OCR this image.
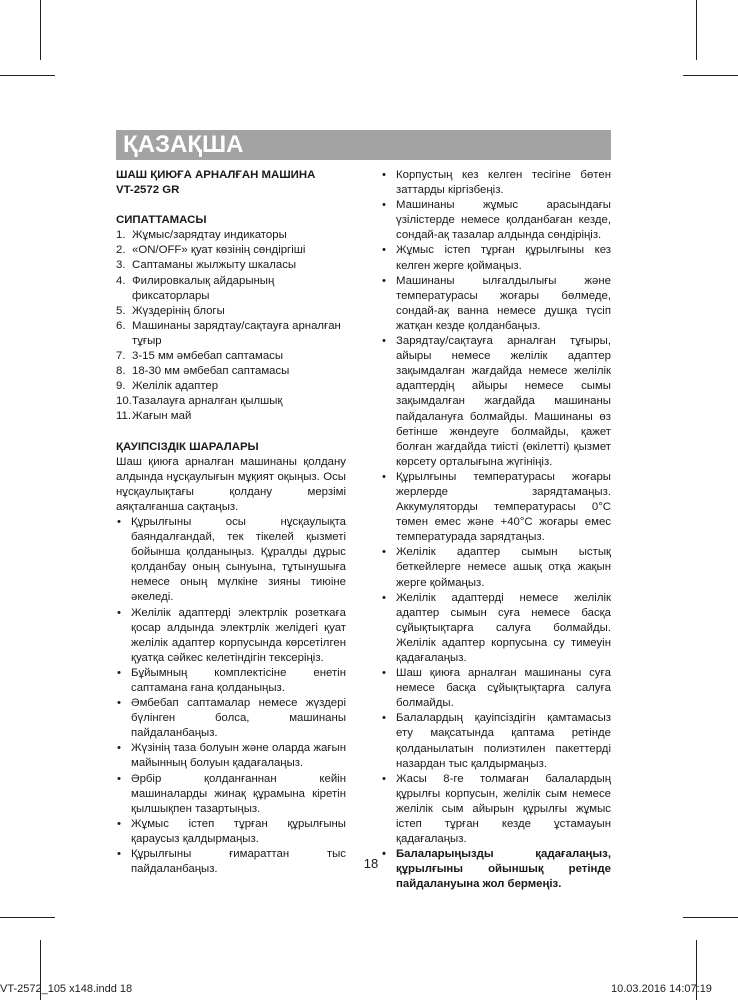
ҚАЗАҚША

ШАШ ҚИЮҒА АРНАЛҒАН МАШИНА

VT-2572 GR

СИПАТТАМАСЫ

1. Жұмыс/зарядтау индикаторы
2. «ON/OFF» қуат көзінің сөндіргіші
3. Саптаманы жылжыту шкаласы
4. Филировкалық айдарының фиксаторлары
5. Жүздерінің блогы
6. Машинаны зарядтау/сақтауға арналған тұғыр
7. 3-15 мм әмбебап саптамасы
8. 18-30 мм әмбебап саптамасы
9. Желілік адаптер
10. Тазалауға арналған қылшық
11. Жағын май

ҚАУІПСІЗДІК ШАРАЛАРЫ

Шаш қиюға арналған машинаны қолдану алдында нұсқаулығын мұқият оқыңыз. Осы нұсқаулықтағы қолдану мерзімі аяқталғанша сақтаңыз.

• Құрылғыны осы нұсқаулықта баяндалғандай, тек тікелей қызметі бойынша қолданыңыз. Құралды дұрыс қолданбау оның сынуына, тұтынушыға немесе оның мүлкіне зияны тиюіне әкеледі.
• Желілік адаптерді электрлік розеткаға қосар алдында электрлік желідегі қуат желілік адаптер корпусында көрсетілген қуатқа сәйкес келетіндігін тексеріңіз.
• Бұйымның комплектісіне енетін саптамана ғана қолданыңыз.
• Әмбебап саптамалар немесе жүздері бүлінген болса, машинаны пайдаланбаңыз.
• Жүзінің таза болуын және оларда жағын майынның болуын қадағалаңыз.
• Әрбір қолданғаннан кейін машиналарды жинақ құрамына кіретін қылшықпен тазартыңыз.
• Жұмыс істеп тұрған құрылғыны қараусыз қалдырмаңыз.
• Құрылғыны ғимараттан тыс пайдаланбаңыз.
• Корпустың кез келген тесігіне бөтен заттарды кіргізбеңіз.
• Машинаны жұмыс арасындағы үзілістерде немесе қолданбаған кезде, сондай-ақ тазалар алдында сөндіріңіз.
• Жұмыс істеп тұрған құрылғыны кез келген жерге қоймаңыз.
• Машинаны ылғалдылығы және температурасы жоғары бөлмеде, сондай-ақ ванна немесе душқа түсіп жатқан кезде қолданбаңыз.
• Зарядтау/сақтауға арналған тұғыры, айыры немесе желілік адаптер зақымдалған жағдайда немесе желілік адаптердің айыры немесе сымы зақымдалған жағдайда машинаны пайдалануға болмайды. Машинаны өз бетінше жөндеуге болмайды, қажет болған жағдайда тиісті (өкілетті) қызмет көрсету орталығына жүгініңіз.
• Құрылғыны температурасы жоғары жерлерде зарядтамаңыз. Аккумуляторды температурасы 0°C төмен емес және +40°C жоғары емес температурада зарядтаңыз.
• Желілік адаптер сымын ыстық беткейлерге немесе ашық отқа жақын жерге қоймаңыз.
• Желілік адаптерді немесе желілік адаптер сымын суға немесе басқа сұйықтықтарға салуға болмайды. Желілік адаптер корпусына су тимеуін қадағалаңыз.
• Шаш қиюға арналған машинаны суға немесе басқа сұйықтықтарға салуға болмайды.
• Балалардың қауіпсіздігін қамтамасыз ету мақсатында қаптама ретінде қолданылатын полиэтилен пакеттерді назардан тыс қалдырмаңыз.
• Жасы 8-ге толмаған балалардың құрылғы корпусын, желілік сым немесе желілік сым айырын құрылғы жұмыс істеп тұрған кезде ұстамауын қадағалаңыз.
• Балаларыңызды қадағалаңыз, құрылғыны ойыншық ретінде пайдалануына жол бермеңіз.
18
VT-2572_105 x148.indd 18	10.03.2016 14:07:19
